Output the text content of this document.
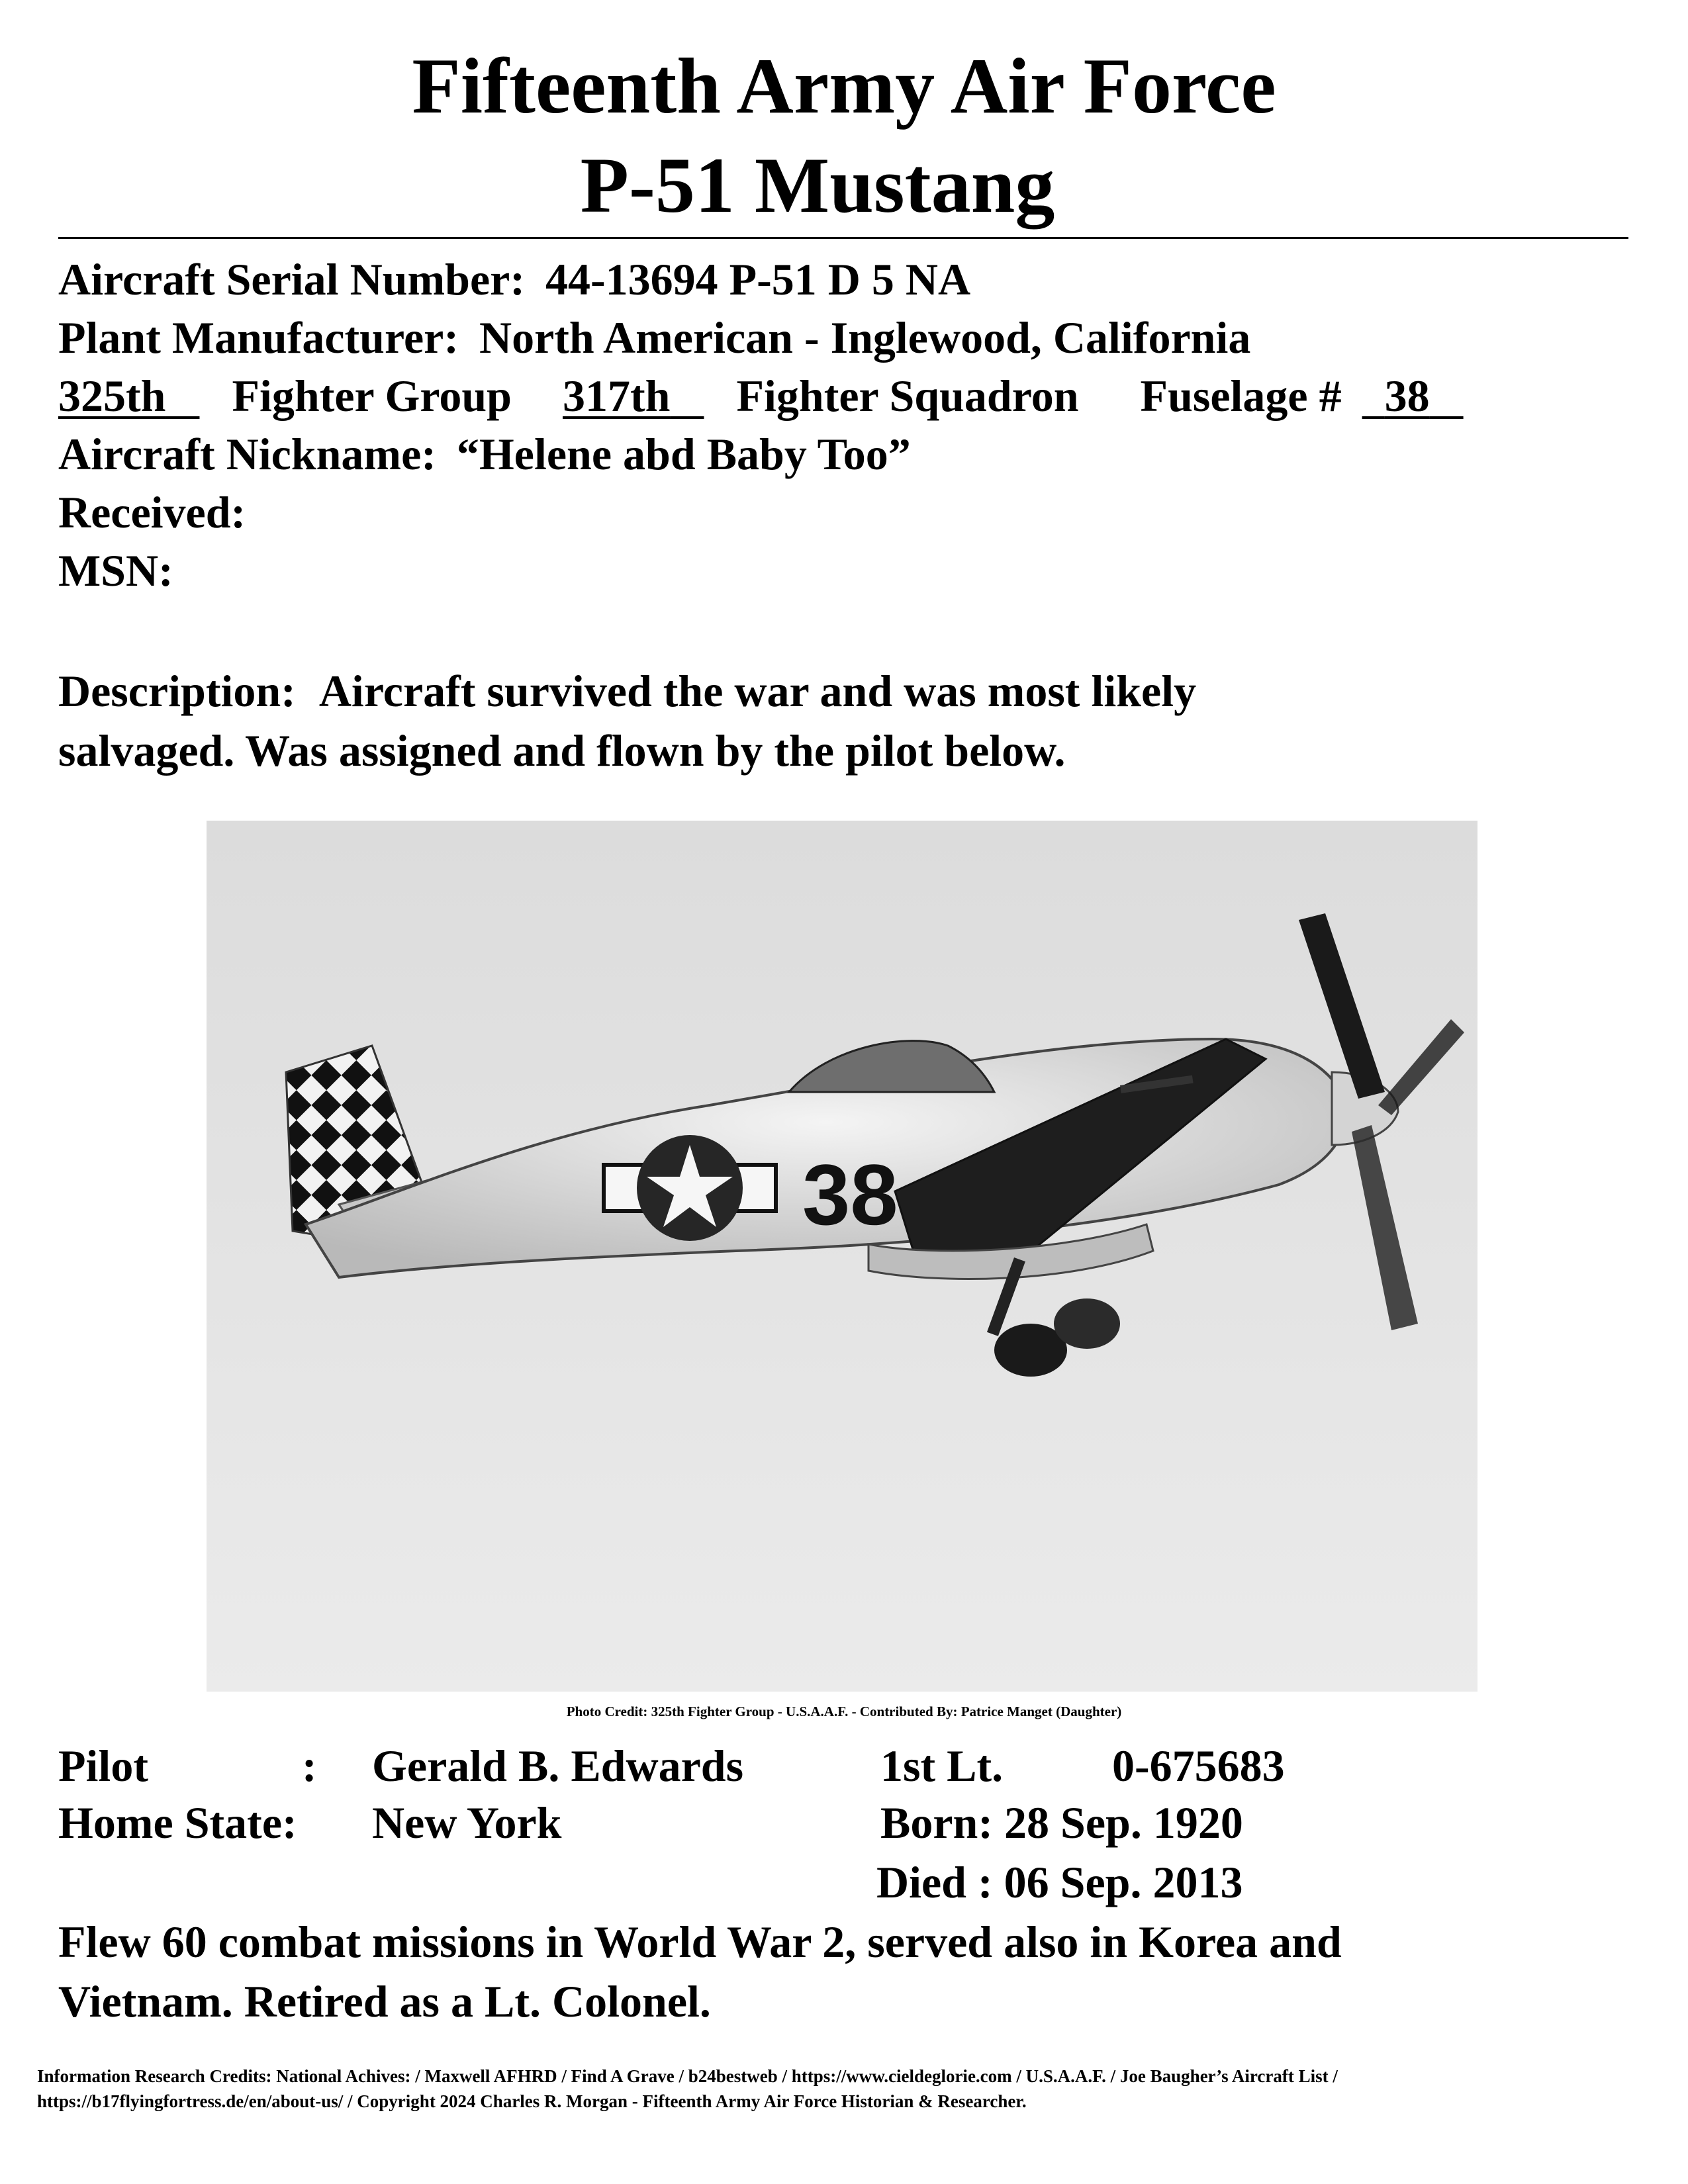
Fifteenth Army Air Force
P-51 Mustang
Aircraft Serial Number: 44-13694 P-51 D 5 NA
Plant Manufacturer: North American - Inglewood, California
325th Fighter Group 317th Fighter Squadron Fuselage # 38
Aircraft Nickname: “Helene abd Baby Too”
Received:
MSN:
Description: Aircraft survived the war and was most likely
salvaged. Was assigned and flown by the pilot below.
38
Photo Credit: 325th Fighter Group - U.S.A.A.F. - Contributed By: Patrice Manget (Daughter)
Pilot	: Gerald B. Edwards	1st Lt. 0-675683
Home State: New York	Born: 28 Sep. 1920
Died : 06 Sep. 2013
Flew 60 combat missions in World War 2, served also in Korea and
Vietnam. Retired as a Lt. Colonel.
Information Research Credits: National Achives: / Maxwell AFHRD / Find A Grave / b24bestweb / https://www.cieldeglorie.com / U.S.A.A.F. / Joe Baugher’s Aircraft List /
https://b17flyingfortress.de/en/about-us/ / Copyright 2024 Charles R. Morgan - Fifteenth Army Air Force Historian & Researcher.
